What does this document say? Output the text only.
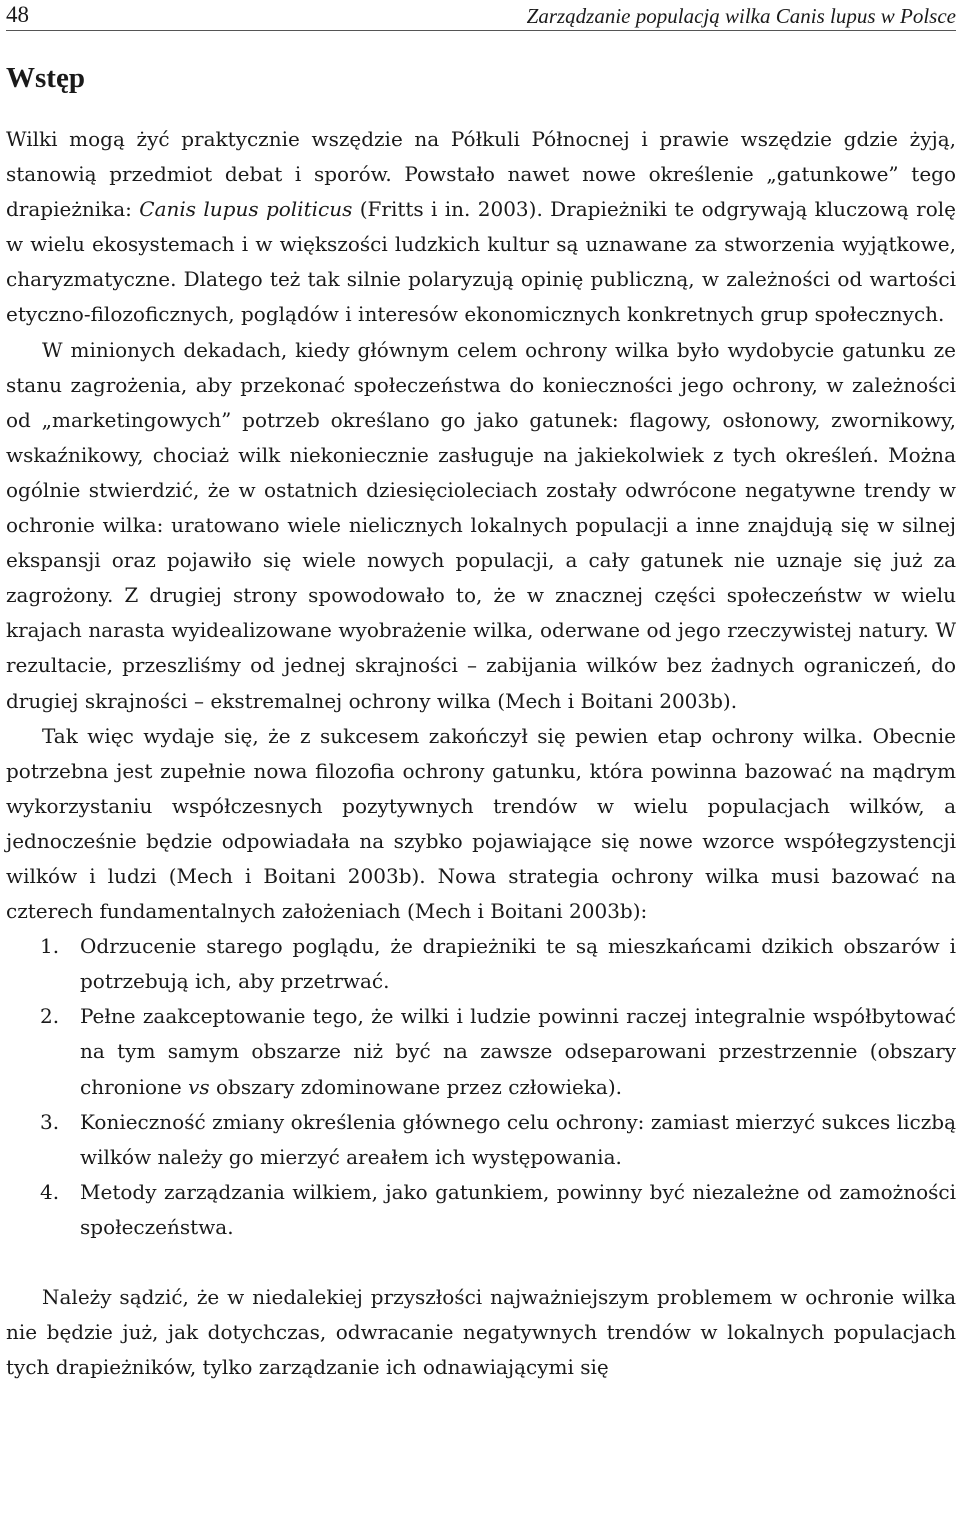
48	Zarządzanie populacją wilka Canis lupus w Polsce
Wstęp

Wilki mogą żyć praktycznie wszędzie na Półkuli Północnej i prawie wszędzie gdzie żyją, stanowią przedmiot debat i sporów. Powstało nawet nowe określenie „gatunkowe” tego drapieżnika: Canis lupus politicus (Fritts i in. 2003). Drapieżniki te odgrywają kluczową rolę w wielu ekosystemach i w większości ludzkich kultur są uznawane za stworzenia wyjątkowe, charyzmatyczne. Dlatego też tak silnie polaryzują opinię publiczną, w zależności od wartości etyczno-filozoficznych, poglądów i interesów ekonomicznych konkretnych grup społecznych.

W minionych dekadach, kiedy głównym celem ochrony wilka było wydobycie gatunku ze stanu zagrożenia, aby przekonać społeczeństwa do konieczności jego ochrony, w zależności od „marketingowych” potrzeb określano go jako gatunek: flagowy, osłonowy, zwornikowy, wskaźnikowy, chociaż wilk niekoniecznie zasługuje na jakiekolwiek z tych określeń. Można ogólnie stwierdzić, że w ostatnich dziesięcioleciach zostały odwrócone negatywne trendy w ochronie wilka: uratowano wiele nielicznych lokalnych populacji a inne znajdują się w silnej ekspansji oraz pojawiło się wiele nowych populacji, a cały gatunek nie uznaje się już za zagrożony. Z drugiej strony spowodowało to, że w znacznej części społeczeństw w wielu krajach narasta wyidealizowane wyobrażenie wilka, oderwane od jego rzeczywistej natury. W rezultacie, przeszliśmy od jednej skrajności – zabijania wilków bez żadnych ograniczeń, do drugiej skrajności – ekstremalnej ochrony wilka (Mech i Boitani 2003b).

Tak więc wydaje się, że z sukcesem zakończył się pewien etap ochrony wilka. Obecnie potrzebna jest zupełnie nowa filozofia ochrony gatunku, która powinna bazować na mądrym wykorzystaniu współczesnych pozytywnych trendów w wielu populacjach wilków, a jednocześnie będzie odpowiadała na szybko pojawiające się nowe wzorce współegzystencji wilków i ludzi (Mech i Boitani 2003b). Nowa strategia ochrony wilka musi bazować na czterech fundamentalnych założeniach (Mech i Boitani 2003b):

1. Odrzucenie starego poglądu, że drapieżniki te są mieszkańcami dzikich obszarów i potrzebują ich, aby przetrwać.
2. Pełne zaakceptowanie tego, że wilki i ludzie powinni raczej integralnie współbytować na tym samym obszarze niż być na zawsze odseparowani przestrzennie (obszary chronione vs obszary zdominowane przez człowieka).
3. Konieczność zmiany określenia głównego celu ochrony: zamiast mierzyć sukces liczbą wilków należy go mierzyć areałem ich występowania.
4. Metody zarządzania wilkiem, jako gatunkiem, powinny być niezależne od zamożności społeczeństwa.

Należy sądzić, że w niedalekiej przyszłości najważniejszym problemem w ochronie wilka nie będzie już, jak dotychczas, odwracanie negatywnych trendów w lokalnych populacjach tych drapieżników, tylko zarządzanie ich odnawiającymi się
